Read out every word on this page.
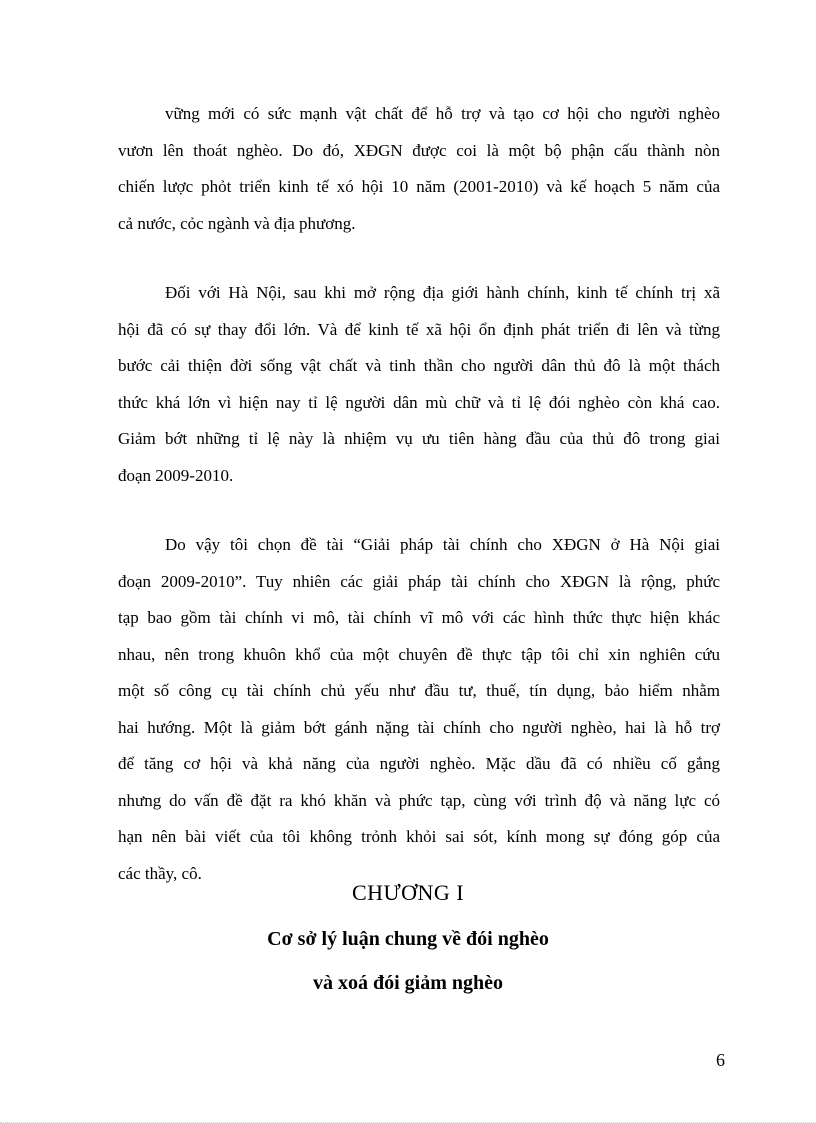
vững mới có sức mạnh vật chất để hỗ trợ và tạo cơ hội cho người nghèo
vươn lên thoát nghèo. Do đó, XĐGN được coi là một bộ phận cấu thành nòn
chiến lược phỏt triển kinh tế xó hội 10 năm (2001-2010) và kế hoạch 5 năm của
cả nước, cỏc ngành và địa phương.

Đối với Hà Nội, sau khi mở rộng địa giới hành chính, kinh tế chính trị xã
hội đã có sự thay đổi lớn. Và để kinh tế xã hội ổn định phát triển đi lên và từng
bước cải thiện đời sống vật chất và tinh thần cho người dân thủ đô là một thách
thức khá lớn vì hiện nay tỉ lệ người dân mù chữ và tỉ lệ đói nghèo còn khá cao.
Giảm bớt những tỉ lệ này là nhiệm vụ ưu tiên hàng đầu của thủ đô trong giai
đoạn 2009-2010.

Do vậy tôi chọn đề tài “Giải pháp tài chính cho XĐGN ở Hà Nội giai
đoạn 2009-2010”. Tuy nhiên các giải pháp tài chính cho XĐGN là rộng, phức
tạp bao gồm tài chính vi mô, tài chính vĩ mô với các hình thức thực hiện khác
nhau, nên trong khuôn khổ của một chuyên đề thực tập tôi chỉ xin nghiên cứu
một số công cụ tài chính chủ yếu như đầu tư, thuế, tín dụng, bảo hiểm nhằm
hai hướng. Một là giảm bớt gánh nặng tài chính cho người nghèo, hai là hỗ trợ
để tăng cơ hội và khả năng của người nghèo. Mặc dầu đã có nhiều cố gắng
nhưng do vấn đề đặt ra khó khăn và phức tạp, cùng với trình độ và năng lực có
hạn nên bài viết của tôi không trỏnh khỏi sai sót, kính mong sự đóng góp của
các thầy, cô.

CHƯƠNG I
Cơ sở lý luận chung về đói nghèo
và xoá đói giảm nghèo
6
